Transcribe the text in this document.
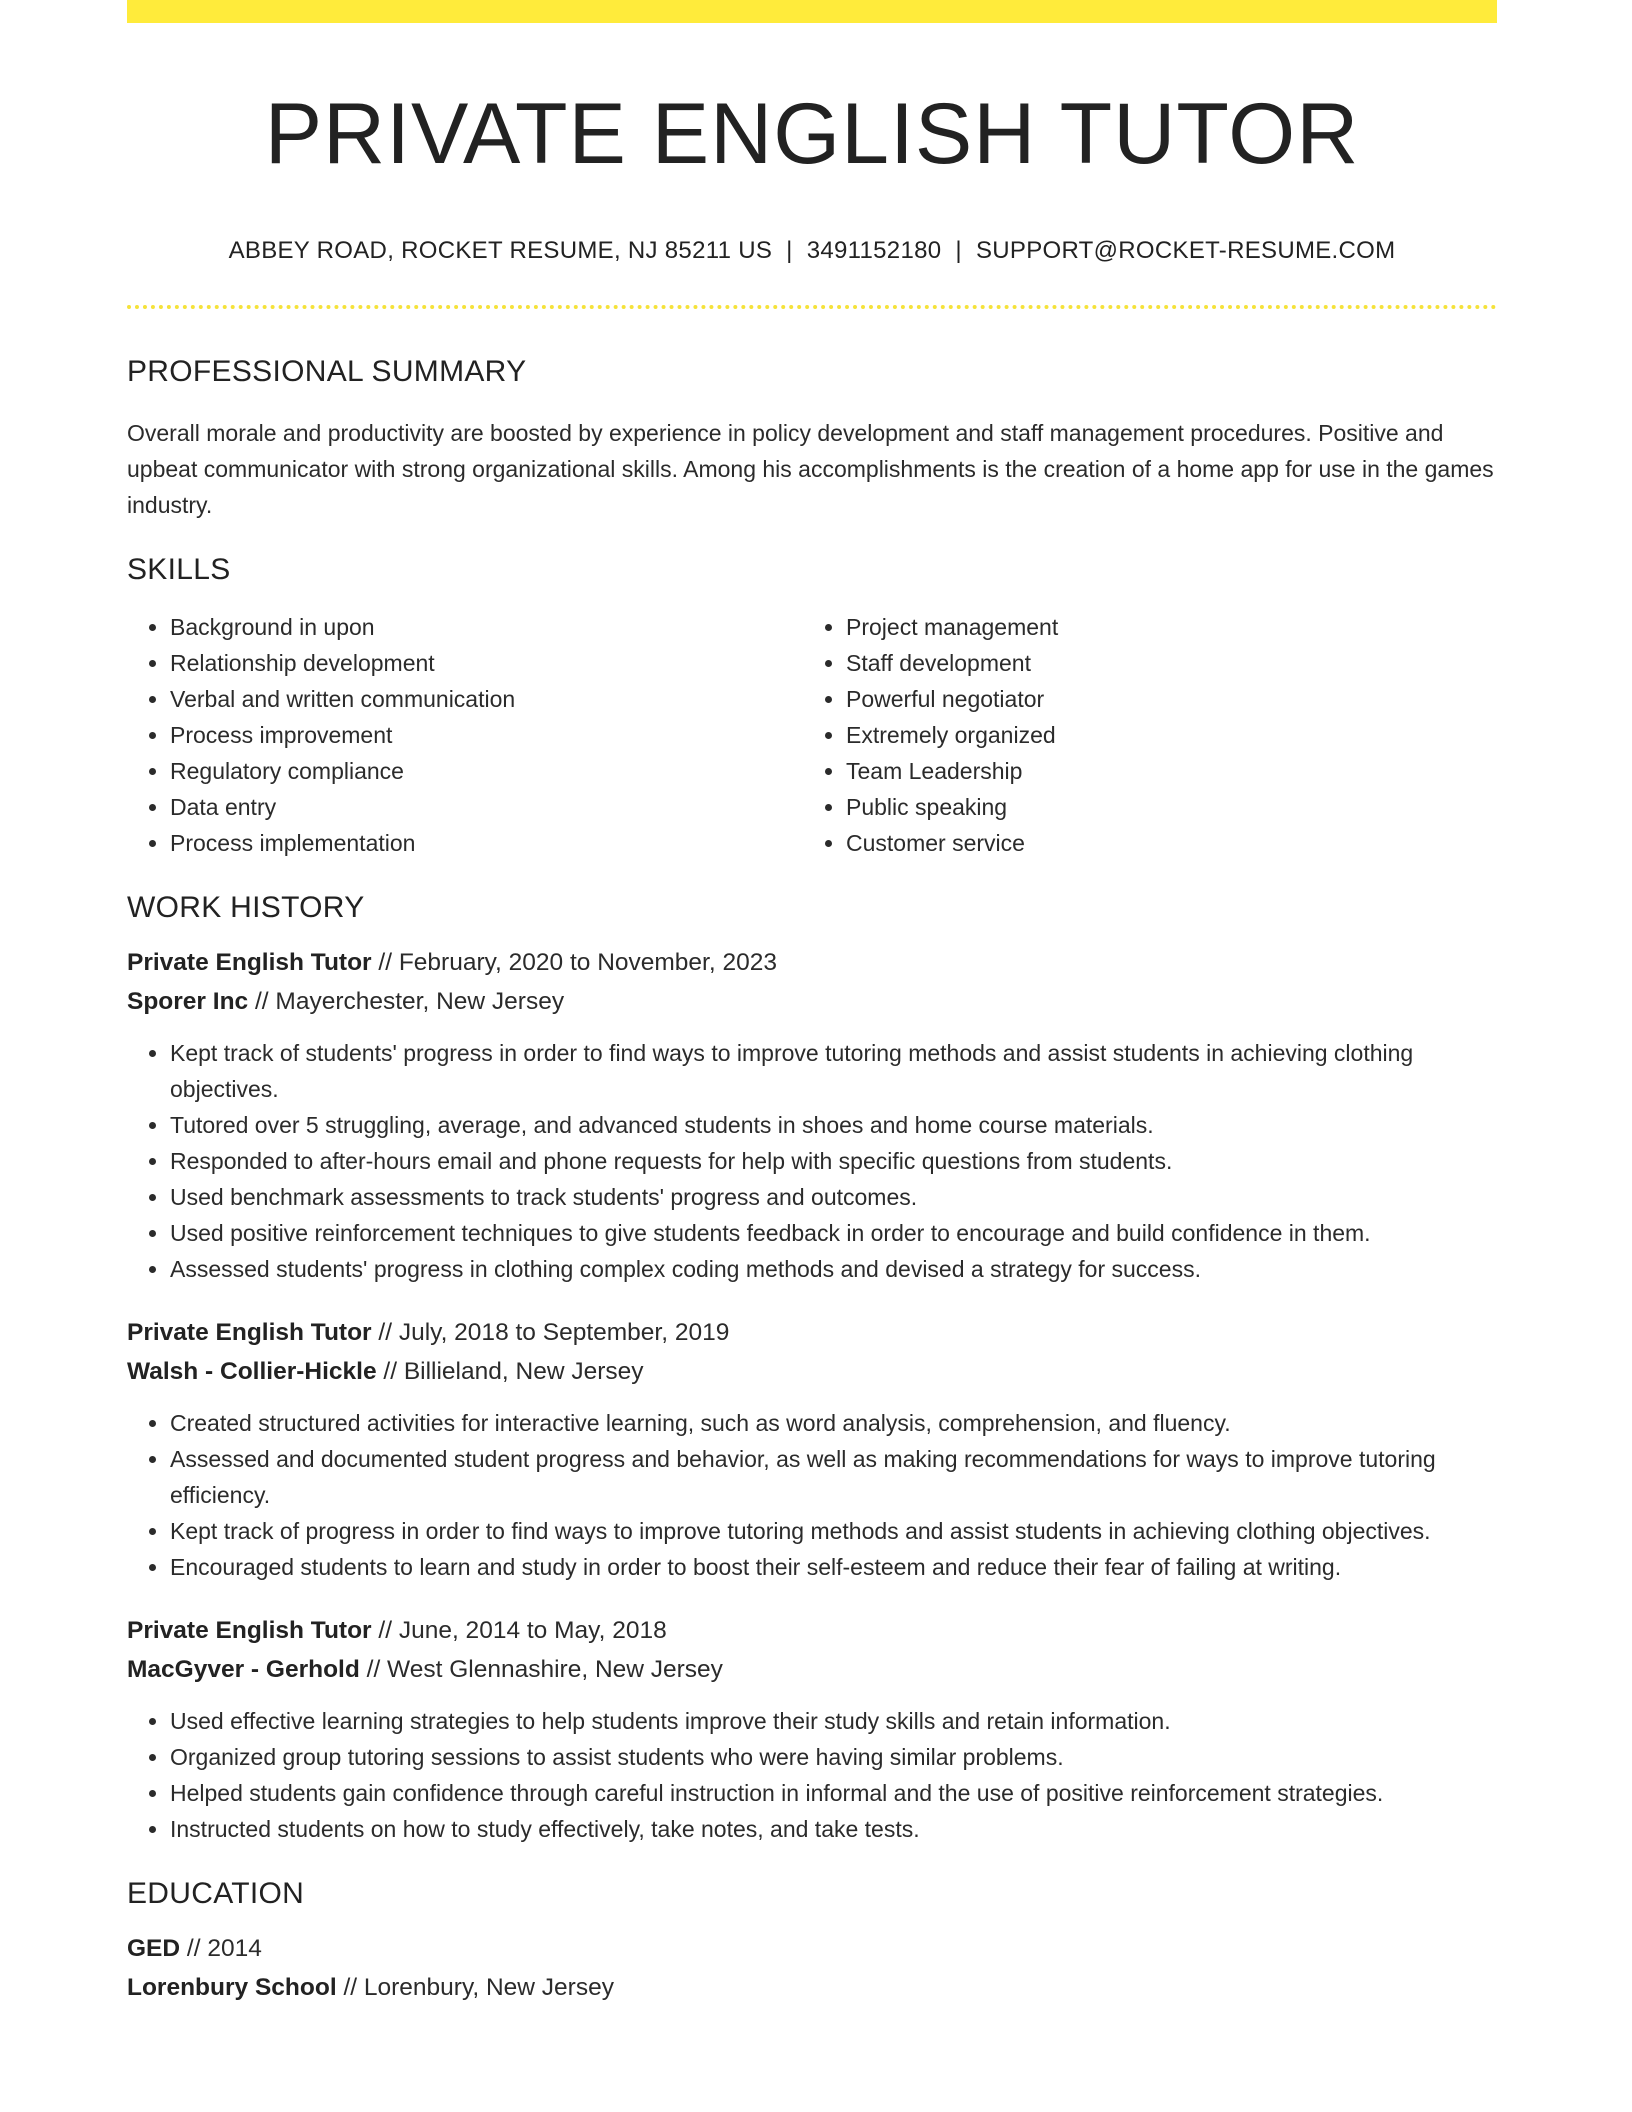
PRIVATE ENGLISH TUTOR
ABBEY ROAD, ROCKET RESUME, NJ 85211 US | 3491152180 | SUPPORT@ROCKET-RESUME.COM
PROFESSIONAL SUMMARY
Overall morale and productivity are boosted by experience in policy development and staff management procedures. Positive and upbeat communicator with strong organizational skills. Among his accomplishments is the creation of a home app for use in the games industry.
SKILLS
• Background in upon
• Relationship development
• Verbal and written communication
• Process improvement
• Regulatory compliance
• Data entry
• Process implementation
• Project management
• Staff development
• Powerful negotiator
• Extremely organized
• Team Leadership
• Public speaking
• Customer service
WORK HISTORY
Private English Tutor // February, 2020 to November, 2023
Sporer Inc // Mayerchester, New Jersey
• Kept track of students' progress in order to find ways to improve tutoring methods and assist students in achieving clothing objectives.
• Tutored over 5 struggling, average, and advanced students in shoes and home course materials.
• Responded to after-hours email and phone requests for help with specific questions from students.
• Used benchmark assessments to track students' progress and outcomes.
• Used positive reinforcement techniques to give students feedback in order to encourage and build confidence in them.
• Assessed students' progress in clothing complex coding methods and devised a strategy for success.
Private English Tutor // July, 2018 to September, 2019
Walsh - Collier-Hickle // Billieland, New Jersey
• Created structured activities for interactive learning, such as word analysis, comprehension, and fluency.
• Assessed and documented student progress and behavior, as well as making recommendations for ways to improve tutoring efficiency.
• Kept track of progress in order to find ways to improve tutoring methods and assist students in achieving clothing objectives.
• Encouraged students to learn and study in order to boost their self-esteem and reduce their fear of failing at writing.
Private English Tutor // June, 2014 to May, 2018
MacGyver - Gerhold // West Glennashire, New Jersey
• Used effective learning strategies to help students improve their study skills and retain information.
• Organized group tutoring sessions to assist students who were having similar problems.
• Helped students gain confidence through careful instruction in informal and the use of positive reinforcement strategies.
• Instructed students on how to study effectively, take notes, and take tests.
EDUCATION
GED // 2014
Lorenbury School // Lorenbury, New Jersey
